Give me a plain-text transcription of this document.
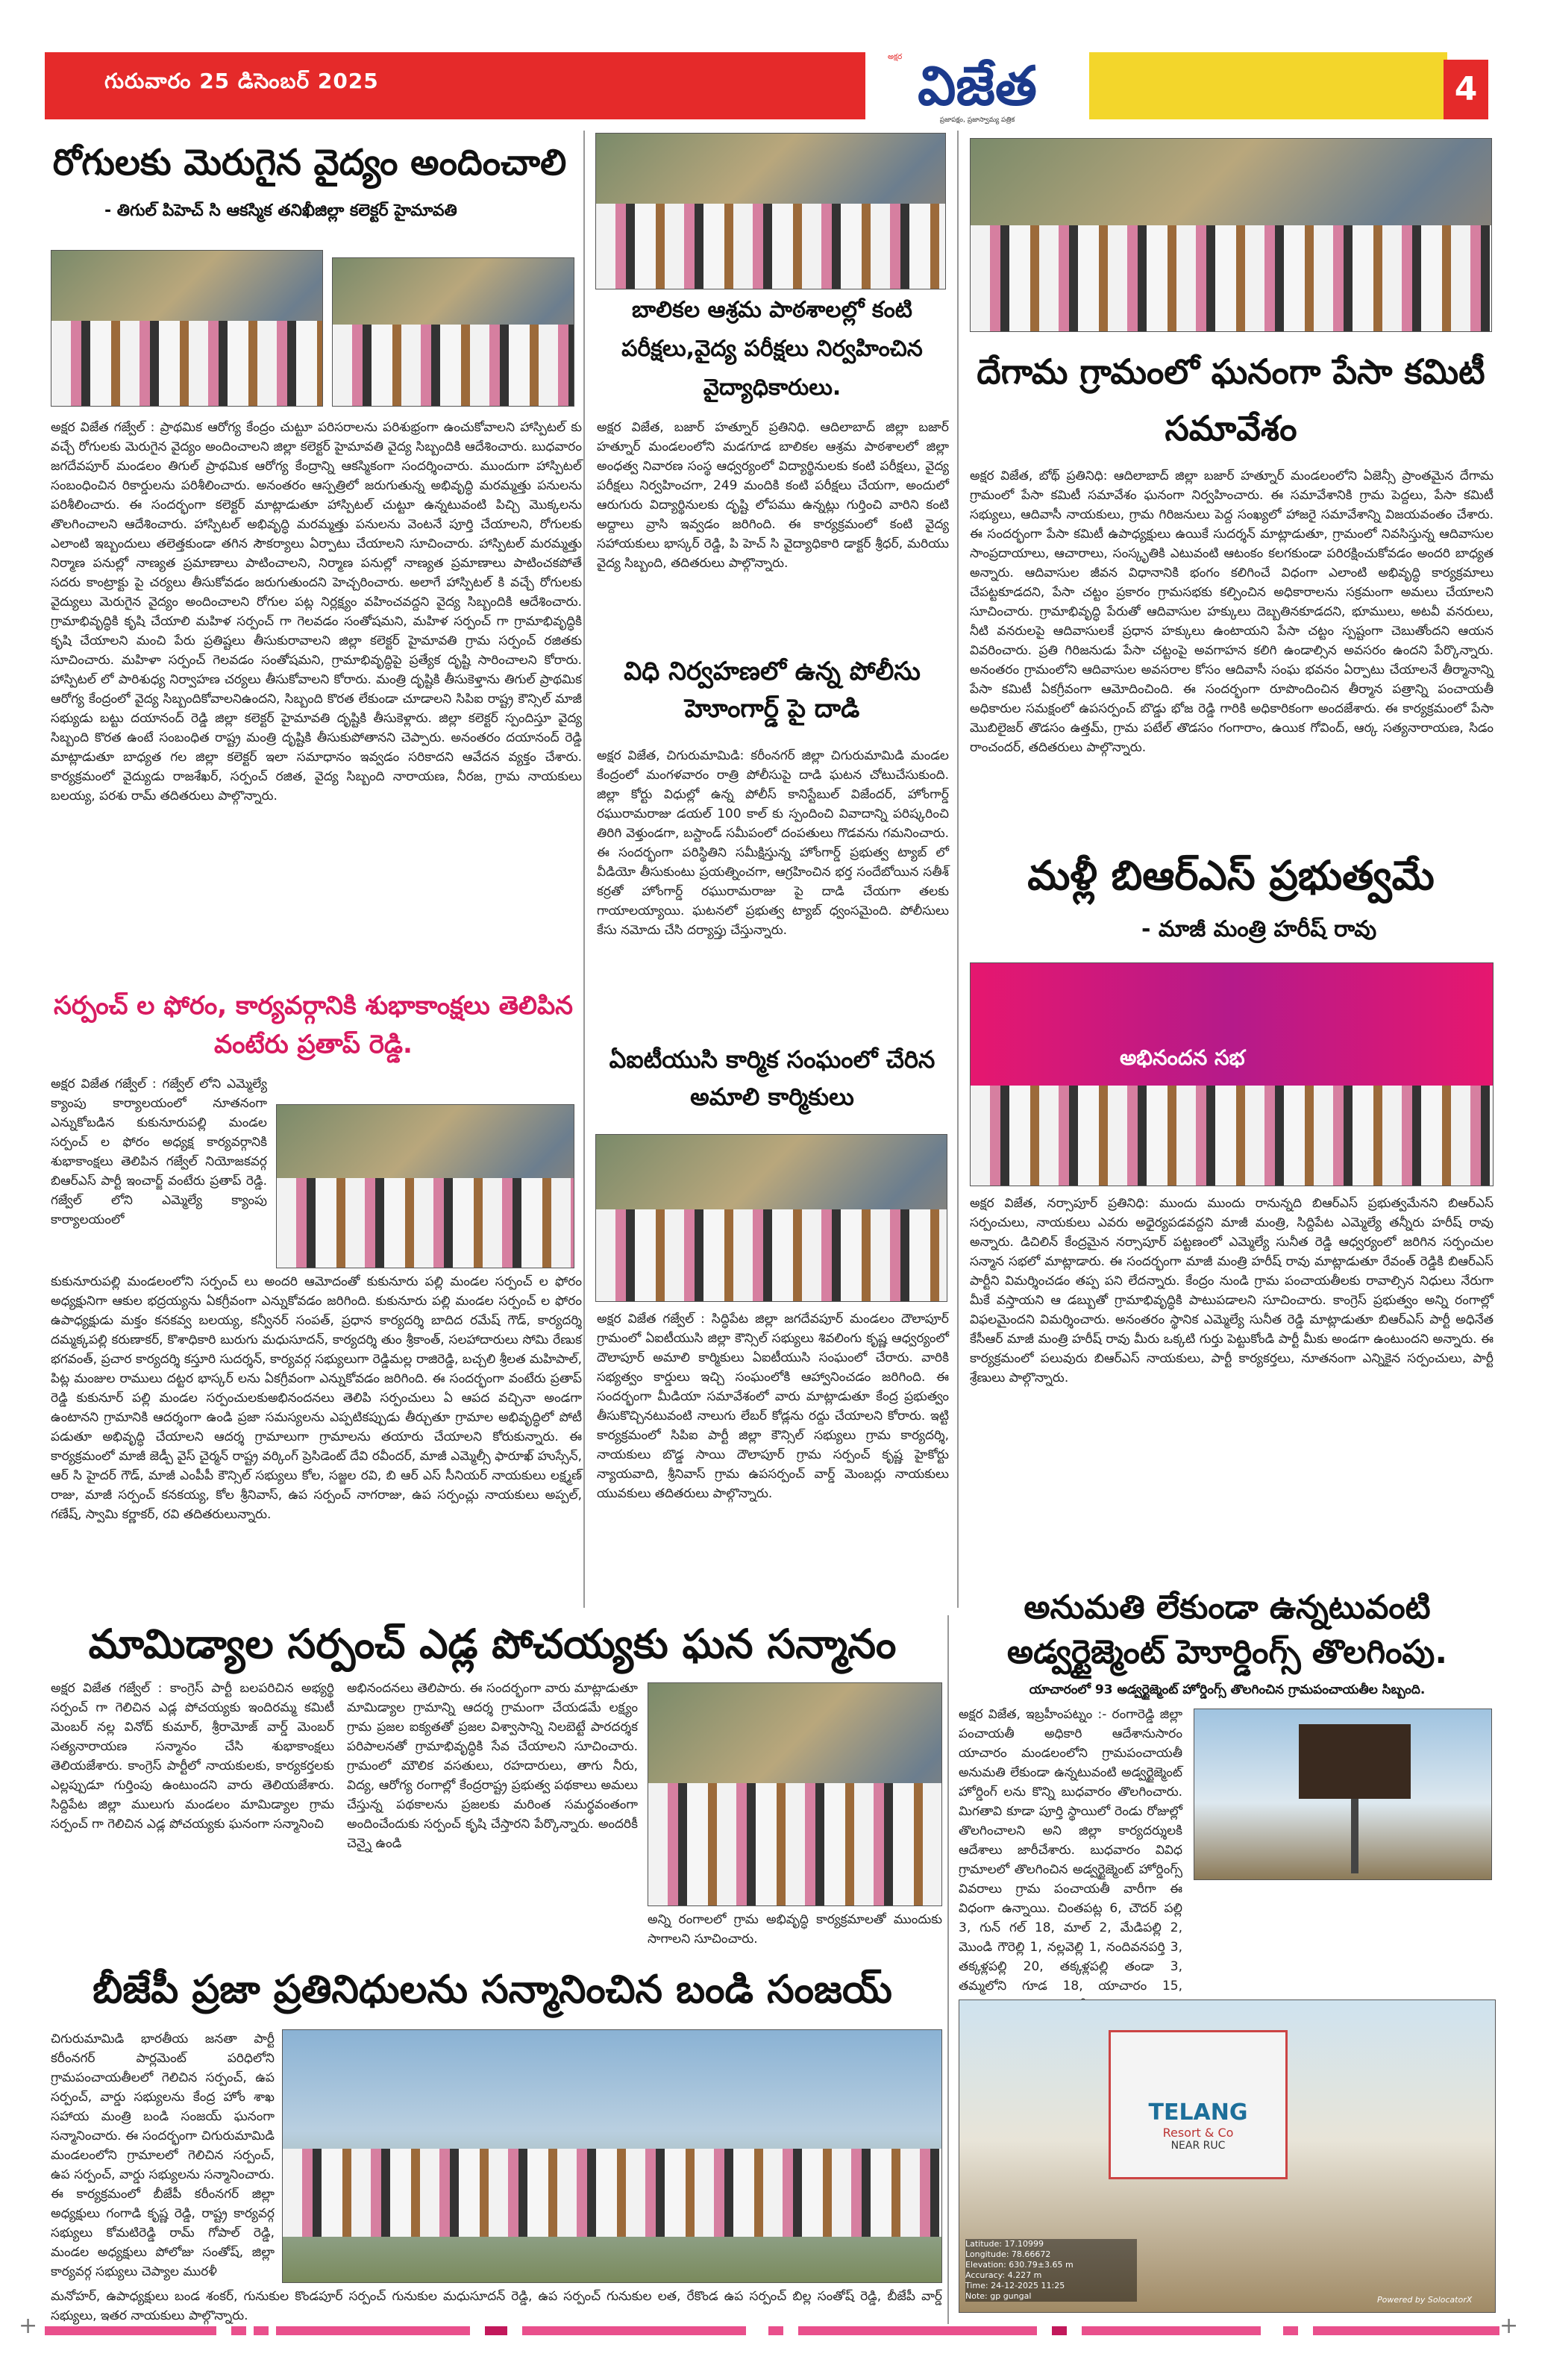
గురువారం 25 డిసెంబర్ 2025
అక్షర విజేత
ప్రజాపక్షం, ప్రజాస్వామ్య పత్రిక
4
రోగులకు మెరుగైన వైద్యం అందించాలి
- తిగుల్ పిహెచ్ సి ఆకస్మిక తనిఖీజిల్లా కలెక్టర్ హైమావతి
అక్షర విజేత గజ్వేల్ : ప్రాథమిక ఆరోగ్య కేంద్రం చుట్టూ పరిసరాలను పరిశుభ్రంగా ఉంచుకోవాలని హాస్పిటల్ కు వచ్చే రోగులకు మెరుగైన వైద్యం అందించాలని జిల్లా కలెక్టర్ హైమావతి వైద్య సిబ్బందికి ఆదేశించారు. బుధవారం జగదేవపూర్ మండలం తిగుల్ ప్రాథమిక ఆరోగ్య కేంద్రాన్ని ఆకస్మికంగా సందర్శించారు. ముందుగా హాస్పిటల్ సంబంధించిన రికార్డులను పరిశీలించారు. అనంతరం ఆస్పత్రిలో జరుగుతున్న అభివృద్ధి మరమ్మత్తు పనులను పరిశీలించారు. ఈ సందర్భంగా కలెక్టర్ మాట్లాడుతూ హాస్పిటల్ చుట్టూ ఉన్నటువంటి పిచ్చి మొక్కలను తొలగించాలని ఆదేశించారు. హాస్పిటల్ అభివృద్ధి మరమ్మత్తు పనులను వెంటనే పూర్తి చేయాలని, రోగులకు ఎలాంటి ఇబ్బందులు తలెత్తకుండా తగిన సౌకర్యాలు ఏర్పాటు చేయాలని సూచించారు. హాస్పిటల్ మరమ్మత్తు నిర్మాణ పనుల్లో నాణ్యత ప్రమాణాలు పాటించాలని, నిర్మాణ పనుల్లో నాణ్యత ప్రమాణాలు పాటించకపోతే సదరు కాంట్రాక్టు పై చర్యలు తీసుకోవడం జరుగుతుందని హెచ్చరించారు. అలాగే హాస్పిటల్ కి వచ్చే రోగులకు వైద్యులు మెరుగైన వైద్యం అందించాలని రోగుల పట్ల నిర్లక్ష్యం వహించవద్దని వైద్య సిబ్బందికి ఆదేశించారు. గ్రామాభివృద్ధికి కృషి చేయాలి మహిళ సర్పంచ్ గా గెలవడం సంతోషమని, మహిళ సర్పంచ్ గా గ్రామాభివృద్ధికి కృషి చేయాలని మంచి పేరు ప్రతిష్టలు తీసుకురావాలని జిల్లా కలెక్టర్ హైమావతి గ్రామ సర్పంచ్ రజితకు సూచించారు. మహిళా సర్పంచ్ గెలవడం సంతోషమని, గ్రామాభివృద్ధిపై ప్రత్యేక దృష్టి సారించాలని కోరారు. హాస్పిటల్ లో పారిశుధ్య నిర్వాహణ చర్యలు తీసుకోవాలని కోరారు. మంత్రి దృష్టికి తీసుకెళ్తాను తిగుల్ ప్రాథమిక ఆరోగ్య కేంద్రంలో వైద్య సిబ్బందికోవాలనిఉందని, సిబ్బంది కొరత లేకుండా చూడాలని సిపిఐ రాష్ట్ర కౌన్సిల్ మాజీ సభ్యుడు బట్టు దయానంద్ రెడ్డి జిల్లా కలెక్టర్ హైమావతి దృష్టికి తీసుకెళ్లారు. జిల్లా కలెక్టర్ స్పందిస్తూ వైద్య సిబ్బంది కొరత ఉంటే సంబంధిత రాష్ట్ర మంత్రి దృష్టికి తీసుకుపోతానని చెప్పారు. అనంతరం దయానంద్ రెడ్డి మాట్లాడుతూ బాధ్యత గల జిల్లా కలెక్టర్ ఇలా సమాధానం ఇవ్వడం సరికాదని ఆవేదన వ్యక్తం చేశారు. కార్యక్రమంలో వైద్యుడు రాజశేఖర్, సర్పంచ్ రజిత, వైద్య సిబ్బంది నారాయణ, నీరజ, గ్రామ నాయకులు బలయ్య, పరశు రామ్ తదితరులు పాల్గొన్నారు.
సర్పంచ్ ల ఫోరం, కార్యవర్గానికి శుభాకాంక్షలు తెలిపిన వంటేరు ప్రతాప్ రెడ్డి.
అక్షర విజేత గజ్వేల్ : గజ్వేల్ లోని ఎమ్మెల్యే క్యాంపు కార్యాలయంలో నూతనంగా ఎన్నుకోబడిన కుకునూరుపల్లి మండల సర్పంచ్ ల ఫోరం అధ్యక్ష కార్యవర్గానికి శుభాకాంక్షలు తెలిపిన గజ్వేల్ నియోజకవర్గ బిఆర్ఎస్ పార్టీ ఇంచార్జ్ వంటేరు ప్రతాప్ రెడ్డి. గజ్వేల్ లోని ఎమ్మెల్యే క్యాంపు కార్యాలయంలో
కుకునూరుపల్లి మండలంలోని సర్పంచ్ లు అందరి ఆమోదంతో కుకునూరు పల్లి మండల సర్పంచ్ ల ఫోరం అధ్యక్షునిగా ఆకుల భద్రయ్యను ఏకగ్రీవంగా ఎన్నుకోవడం జరిగింది. కుకునూరు పల్లి మండల సర్పంచ్ ల ఫోరం ఉపాధ్యక్షుడు మక్తం కనకవ్వ బలయ్య, కన్వీనర్ సంపత్, ప్రధాన కార్యదర్శి బాదిద రమేష్ గౌడ్, కార్యదర్శి దమ్మక్కపల్లి కరుణాకర్, కొశాధికారి బురుగు మధుసూదన్, కార్యదర్శి తుం శ్రీకాంత్, సలహాదారులు సోమి రేణుక భగవంత్, ప్రచార కార్యదర్శి కస్తూరి సుదర్శన్, కార్యవర్గ సభ్యులుగా రెడ్డిమల్ల రాజిరెడ్డి, బచ్చలి శ్రీలత మహిపాల్, పిట్ల మంజుల రాములు దట్టర భాస్కర్ లను ఏకగ్రీవంగా ఎన్నుకోవడం జరిగింది. ఈ సందర్భంగా వంటేరు ప్రతాప్ రెడ్డి కుకునూర్ పల్లి మండల సర్పంచులకుఅభినందనలు తెలిపి సర్పంచులు ఏ ఆపద వచ్చినా అండగా ఉంటానని గ్రామానికి ఆదర్శంగా ఉండి ప్రజా సమస్యలను ఎప్పటికప్పుడు తీర్చుతూ గ్రామాల అభివృద్ధిలో పోటీ పడుతూ అభివృద్ధి చేయాలని ఆదర్శ గ్రామాలుగా గ్రామాలను తయారు చేయాలని కోరుకున్నారు. ఈ కార్యక్రమంలో మాజీ జెడ్పీ వైస్ చైర్మన్ రాష్ట్ర వర్కింగ్ ప్రెసిడెంట్ దేవి రవీందర్, మాజీ ఎమ్మెల్సీ ఫారూఖ్ హుస్సేన్, ఆర్ సి హైదర్ గౌడ్, మాజీ ఎంపీపీ కౌన్సిల్ సభ్యులు కోల, సజ్జల రవి, బి ఆర్ ఎస్ సీనియర్ నాయకులు లక్ష్మణ్ రాజు, మాజీ సర్పంచ్ కనకయ్య, కోల శ్రీనివాస్, ఉప సర్పంచ్ నాగరాజు, ఉప సర్పంచ్లు నాయకులు అప్పల్, గణేష్, స్వామి కర్ణాకర్, రవి తదితరులున్నారు.
బాలికల ఆశ్రమ పాఠశాలల్లో కంటి పరీక్షలు,వైద్య పరీక్షలు నిర్వహించిన వైద్యాధికారులు.
అక్షర విజేత, బజార్ హత్నూర్ ప్రతినిధి. ఆదిలాబాద్ జిల్లా బజార్ హత్నూర్ మండలంలోని మడగూడ బాలికల ఆశ్రమ పాఠశాలలో జిల్లా అంధత్వ నివారణ సంస్థ ఆధ్వర్యంలో విద్యార్థినులకు కంటి పరీక్షలు, వైద్య పరీక్షలు నిర్వహించగా, 249 మందికి కంటి పరీక్షలు చేయగా, అందులో ఆరుగురు విద్యార్థినులకు దృష్టి లోపము ఉన్నట్లు గుర్తించి వారిని కంటి అద్దాలు వ్రాసి ఇవ్వడం జరిగింది. ఈ కార్యక్రమంలో కంటి వైద్య సహాయకులు భాస్కర్ రెడ్డి, పి హెచ్ సి వైద్యాధికారి డాక్టర్ శ్రీధర్, మరియు వైద్య సిబ్బంది, తదితరులు పాల్గొన్నారు.
విధి నిర్వహణలో ఉన్న పోలీసు హెూంగార్డ్ పై దాడి
అక్షర విజేత, చిగురుమామిడి: కరీంనగర్ జిల్లా చిగురుమామిడి మండల కేంద్రంలో మంగళవారం రాత్రి పోలీసుపై దాడి ఘటన చోటుచేసుకుంది. జిల్లా కోర్టు విధుల్లో ఉన్న పోలీస్ కానిస్టేబుల్ విజేందర్, హోంగార్డ్ రఘురామరాజు డయల్ 100 కాల్ కు స్పందించి వివాదాన్ని పరిష్కరించి తిరిగి వెళ్తుండగా, బస్టాండ్ సమీపంలో దంపతులు గొడవను గమనించారు. ఈ సందర్భంగా పరిస్థితిని సమీక్షిస్తున్న హోంగార్డ్ ప్రభుత్వ ట్యాబ్ లో వీడియో తీసుకుంటు ప్రయత్నించగా, ఆగ్రహించిన భర్త సందేబోయిన సతీశ్ కర్రతో హోంగార్డ్ రఘురామరాజు పై దాడి చేయగా తలకు గాయాలయ్యాయి. ఘటనలో ప్రభుత్వ ట్యాబ్ ధ్వంసమైంది. పోలీసులు కేసు నమోదు చేసి దర్యాప్తు చేస్తున్నారు.
ఏఐటీయుసి కార్మిక సంఘంలో చేరిన అమాలి కార్మికులు
అక్షర విజేత గజ్వేల్ : సిద్ధిపేట జిల్లా జగదేవపూర్ మండలం దౌలాపూర్ గ్రామంలో ఏఐటీయుసి జిల్లా కౌన్సిల్ సభ్యులు శివలింగు కృష్ణ ఆధ్వర్యంలో దౌలాపూర్ అమాలి కార్మికులు ఏఐటీయుసి సంఘంలో చేరారు. వారికి సభ్యత్వం కార్డులు ఇచ్చి సంఘంలోకి ఆహ్వానించడం జరిగింది. ఈ సందర్భంగా మీడియా సమావేశంలో వారు మాట్లాడుతూ కేంద్ర ప్రభుత్వం తీసుకొచ్చినటువంటి నాలుగు లేబర్ కోడ్లను రద్దు చేయాలని కోరారు. ఇట్టి కార్యక్రమంలో సిపిఐ పార్టీ జిల్లా కౌన్సిల్ సభ్యులు గ్రామ కార్యదర్శి, నాయకులు బొడ్డ సాయి దౌలాపూర్ గ్రామ సర్పంచ్ కృష్ణ హైకోర్టు న్యాయవాది, శ్రీనివాస్ గ్రామ ఉపసర్పంచ్ వార్డ్ మెంబర్లు నాయకులు యువకులు తదితరులు పాల్గొన్నారు.
దేగామ గ్రామంలో ఘనంగా పేసా కమిటీ సమావేశం
అక్షర విజేత, బోథ్ ప్రతినిధి: ఆదిలాబాద్ జిల్లా బజార్ హత్నూర్ మండలంలోని ఏజెన్సీ ప్రాంతమైన దేగామ గ్రామంలో పేసా కమిటీ సమావేశం ఘనంగా నిర్వహించారు. ఈ సమావేశానికి గ్రామ పెద్దలు, పేసా కమిటీ సభ్యులు, ఆదివాసీ నాయకులు, గ్రామ గిరిజనులు పెద్ద సంఖ్యలో హాజరై సమావేశాన్ని విజయవంతం చేశారు. ఈ సందర్భంగా పేసా కమిటీ ఉపాధ్యక్షులు ఉయికే సుదర్శన్ మాట్లాడుతూ, గ్రామంలో నివసిస్తున్న ఆదివాసుల సాంప్రదాయాలు, ఆచారాలు, సంస్కృతికి ఎటువంటి ఆటంకం కలగకుండా పరిరక్షించుకోవడం అందరి బాధ్యత అన్నారు. ఆదివాసుల జీవన విధానానికి భంగం కలిగించే విధంగా ఎలాంటి అభివృద్ధి కార్యక్రమాలు చేపట్టకూడదని, పేసా చట్టం ప్రకారం గ్రామసభకు కల్పించిన అధికారాలను సక్రమంగా అమలు చేయాలని సూచించారు. గ్రామాభివృద్ధి పేరుతో ఆదివాసుల హక్కులు దెబ్బతినకూడదని, భూములు, అటవీ వనరులు, నీటి వనరులపై ఆదివాసులకే ప్రధాన హక్కులు ఉంటాయని పేసా చట్టం స్పష్టంగా చెబుతోందని ఆయన వివరించారు. ప్రతి గిరిజనుడు పేసా చట్టంపై అవగాహన కలిగి ఉండాల్సిన అవసరం ఉందని పేర్కొన్నారు. అనంతరం గ్రామంలోని ఆదివాసుల అవసరాల కోసం ఆదివాసీ సంఘ భవనం ఏర్పాటు చేయాలనే తీర్మానాన్ని పేసా కమిటీ ఏకగ్రీవంగా ఆమోదించింది. ఈ సందర్భంగా రూపొందించిన తీర్మాన పత్రాన్ని పంచాయతీ అధికారుల సమక్షంలో ఉపసర్పంచ్ బొడ్డు భోజ రెడ్డి గారికి అధికారికంగా అందజేశారు. ఈ కార్యక్రమంలో పేసా మొబిలైజర్ తొడసం ఉత్తమ్, గ్రామ పటేల్ తొడసం గంగారాం, ఉయిక గోవింద్, ఆర్క సత్యనారాయణ, సిడం రాంచందర్, తదితరులు పాల్గొన్నారు.
మళ్లీ బిఆర్ఎస్ ప్రభుత్వమే
- మాజీ మంత్రి హరీష్ రావు
అభినందన సభ
అక్షర విజేత, నర్సాపూర్ ప్రతినిధి: ముందు ముందు రానున్నది బిఆర్ఎస్ ప్రభుత్వమేనని బిఆర్ఎస్ సర్పంచులు, నాయకులు ఎవరు అధైర్యపడవద్దని మాజీ మంత్రి, సిద్దిపేట ఎమ్మెల్యే తన్నీరు హరీష్ రావు అన్నారు. డిచిలిన్ కేంద్రమైన నర్సాపూర్ పట్టణంలో ఎమ్మెల్యే సునీత రెడ్డి ఆధ్వర్యంలో జరిగిన సర్పంచుల సన్మాన సభలో మాట్లాడారు. ఈ సందర్భంగా మాజీ మంత్రి హరీష్ రావు మాట్లాడుతూ రేవంత్ రెడ్డికి బిఆర్ఎస్ పార్టీని విమర్శించడం తప్ప పని లేదన్నారు. కేంద్రం నుండి గ్రామ పంచాయతీలకు రావాల్సిన నిధులు నేరుగా మీకే వస్తాయని ఆ డబ్బుతో గ్రామాభివృద్ధికి పాటుపడాలని సూచించారు. కాంగ్రెస్ ప్రభుత్వం అన్ని రంగాల్లో విఫలమైందని విమర్శించారు. అనంతరం స్థానిక ఎమ్మెల్యే సునీత రెడ్డి మాట్లాడుతూ బిఆర్ఎస్ పార్టీ అధినేత కేసీఆర్ మాజీ మంత్రి హరీష్ రావు మీరు ఒక్కటి గుర్తు పెట్టుకోండి పార్టీ మీకు అండగా ఉంటుందని అన్నారు. ఈ కార్యక్రమంలో పలువురు బిఆర్ఎస్ నాయకులు, పార్టీ కార్యకర్తలు, నూతనంగా ఎన్నికైన సర్పంచులు, పార్టీ శ్రేణులు పాల్గొన్నారు.
అనుమతి లేకుండా ఉన్నటువంటి అడ్వర్టైజ్మెంట్ హెూర్డింగ్స్ తొలగింపు.
యాచారంలో 93 అడ్వర్టైజ్మెంట్ హోర్డింగ్స్ తొలగించిన గ్రామపంచాయతీల సిబ్బంది.
అక్షర విజేత, ఇబ్రహీంపట్నం :- రంగారెడ్డి జిల్లా పంచాయతీ అధికారి ఆదేశానుసారం యాచారం మండలంలోని గ్రామపంచాయతీ అనుమతి లేకుండా ఉన్నటువంటి అడ్వర్టైజ్మెంట్ హోర్డింగ్ లను కొన్ని బుధవారం తొలగించారు. మిగతావి కూడా పూర్తి స్థాయిలో రెండు రోజుల్లో తొలగించాలని అని జిల్లా కార్యదర్శులకి ఆదేశాలు జారీచేశారు. బుధవారం వివిధ గ్రామాలలో తొలగించిన అడ్వర్టైజ్మెంట్ హోర్డింగ్స్ వివరాలు గ్రామ పంచాయతీ వారీగా ఈ విధంగా ఉన్నాయి. చింతపట్ల 6, చౌదర్ పల్లి 3, గున్ గల్ 18, మాల్ 2, మేడిపల్లి 2, మొండి గౌరెల్లి 1, నల్లవెల్లి 1, నందివనపర్తి 3, తక్కళ్లపల్లి 20, తక్కళ్లపల్లి తండా 3, తమ్మలోని గూడ 18, యాచారం 15,
TELANG
Resort & Co
NEAR RUC
Latitude: 17.10999
Longitude: 78.66672
Elevation: 630.79±3.65 m
Accuracy: 4.227 m
Time: 24-12-2025 11:25
Note: gp gungal	Powered by SolocatorX
మామిడ్యాల సర్పంచ్ ఎడ్ల పోచయ్యకు ఘన సన్మానం
అక్షర విజేత గజ్వేల్ : కాంగ్రెస్ పార్టీ బలపరిచిన అభ్యర్థి సర్పంచ్ గా గెలిచిన ఎడ్ల పోచయ్యకు ఇందిరమ్మ కమిటీ మెంబర్ నల్ల వినోద్ కుమార్, శ్రీరామోజ్ వార్డ్ మెంబర్ సత్యనారాయణ సన్మానం చేసి శుభాకాంక్షలు తెలియజేశారు. కాంగ్రెస్ పార్టీలో నాయకులకు, కార్యకర్తలకు ఎల్లప్పుడూ గుర్తింపు ఉంటుందని వారు తెలియజేశారు. సిద్దిపేట జిల్లా ములుగు మండలం మామిడ్యాల గ్రామ సర్పంచ్ గా గెలిచిన ఎడ్ల పోచయ్యకు ఘనంగా సన్మానించి
అభినందనలు తెలిపారు. ఈ సందర్భంగా వారు మాట్లాడుతూ మామిడ్యాల గ్రామాన్ని ఆదర్శ గ్రామంగా చేయడమే లక్ష్యం గ్రామ ప్రజల ఐక్యతతో ప్రజల విశ్వాసాన్ని నిలబెట్టే పారదర్శక పరిపాలనతో గ్రామాభివృద్ధికి సేవ చేయాలని సూచించారు. గ్రామంలో మౌలిక వసతులు, రహదారులు, తాగు నీరు, విద్య, ఆరోగ్య రంగాల్లో కేంద్రరాష్ట్ర ప్రభుత్వ పథకాలు అమలు చేస్తున్న పథకాలను ప్రజలకు మరింత సమర్థవంతంగా అందించేందుకు సర్పంచ్ కృషి చేస్తారని పేర్కొన్నారు. అందరికీ చెన్నై ఉండి
అన్ని రంగాలలో గ్రామ అభివృద్ధి కార్యక్రమాలతో ముందుకు సాగాలని సూచించారు.
బీజేపీ ప్రజా ప్రతినిధులను సన్మానించిన బండి సంజయ్
చిగురుమామిడి భారతీయ జనతా పార్టీ కరీంనగర్ పార్లమెంట్ పరిధిలోని గ్రామపంచాయతీలలో గెలిచిన సర్పంచ్, ఉప సర్పంచ్, వార్డు సభ్యులను కేంద్ర హోం శాఖ సహాయ మంత్రి బండి సంజయ్ ఘనంగా సన్మానించారు. ఈ సందర్భంగా చిగురుమామిడి మండలంలోని గ్రామాలలో గెలిచిన సర్పంచ్, ఉప సర్పంచ్, వార్డు సభ్యులను సన్మానించారు. ఈ కార్యక్రమంలో బీజేపీ కరీంనగర్ జిల్లా అధ్యక్షులు గంగాడి కృష్ణ రెడ్డి, రాష్ట్ర కార్యవర్గ సభ్యులు కోమటిరెడ్డి రామ్ గోపాల్ రెడ్డి, మండల అధ్యక్షులు పోలోజు సంతోష్, జిల్లా కార్యవర్గ సభ్యులు చెప్యాల మురళీ
మనోహర్, ఉపాధ్యక్షులు బండ శంకర్, గునుకుల కొండపూర్ సర్పంచ్ గునుకుల మధుసూదన్ రెడ్డి, ఉప సర్పంచ్ గునుకుల లత, రేకొండ ఉప సర్పంచ్ బిల్ల సంతోష్ రెడ్డి, బీజేపీ వార్డ్ సభ్యులు, ఇతర నాయకులు పాల్గొన్నారు.
+	+
